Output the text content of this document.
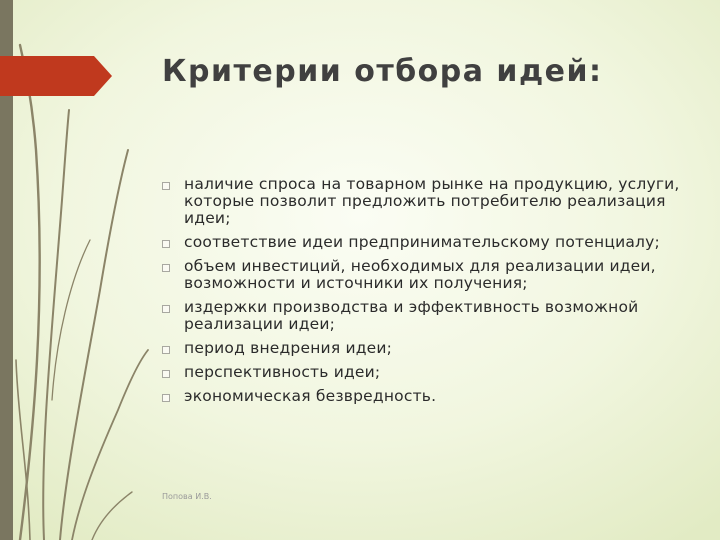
Критерии отбора идей:
наличие спроса на товарном рынке на продукцию, услуги, которые позволит предложить потребителю реализация идеи;
соответствие идеи предпринимательскому потенциалу;
объем инвестиций, необходимых для реализации идеи, возможности и источники их получения;
издержки производства и эффективность возможной реализации идеи;
период внедрения идеи;
перспективность идеи;
экономическая безвредность.
Попова И.В.
